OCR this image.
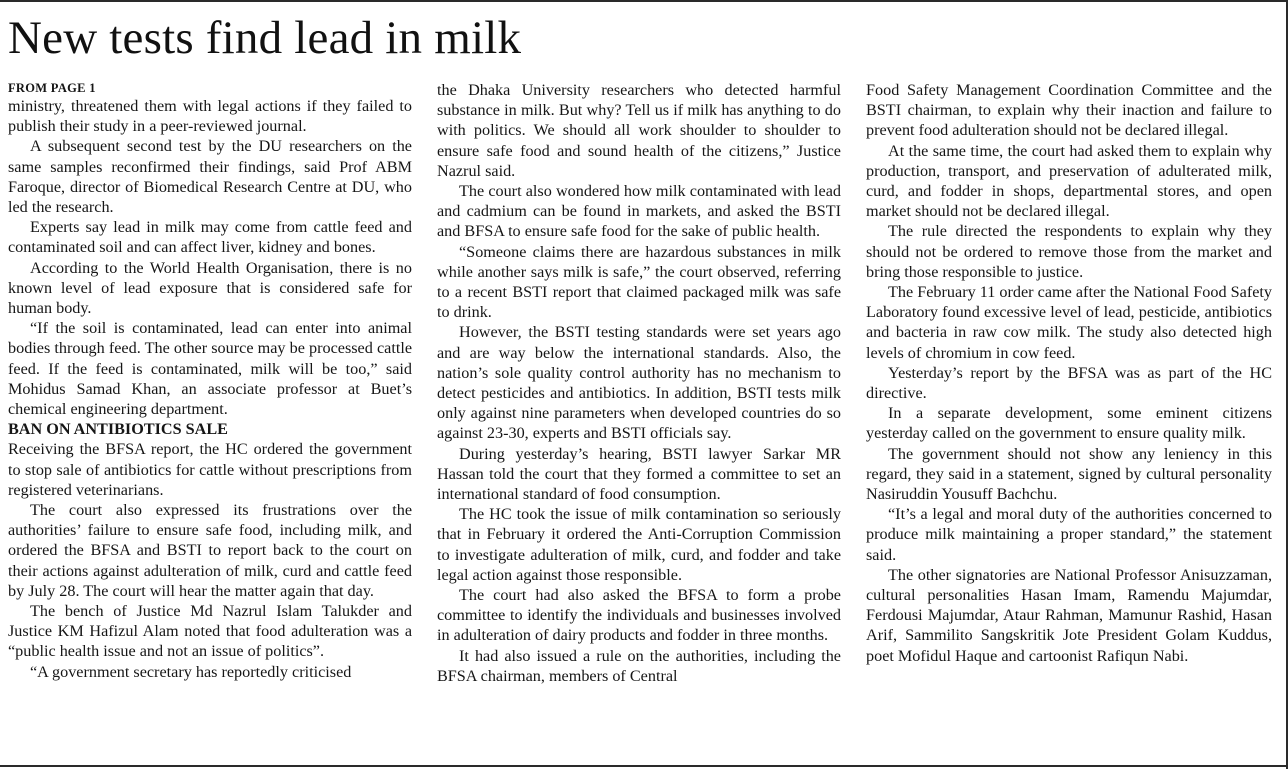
New tests find lead in milk
FROM PAGE 1

ministry, threatened them with legal actions if they failed to publish their study in a peer-reviewed journal.

A subsequent second test by the DU researchers on the same samples reconfirmed their findings, said Prof ABM Faroque, director of Biomedical Research Centre at DU, who led the research.

Experts say lead in milk may come from cattle feed and contaminated soil and can affect liver, kidney and bones.

According to the World Health Organisation, there is no known level of lead exposure that is considered safe for human body.

“If the soil is contaminated, lead can enter into animal bodies through feed. The other source may be processed cattle feed. If the feed is contaminated, milk will be too,” said Mohidus Samad Khan, an associate professor at Buet’s chemical engineering department.

BAN ON ANTIBIOTICS SALE

Receiving the BFSA report, the HC ordered the government to stop sale of antibiotics for cattle without prescriptions from registered veterinarians.

The court also expressed its frustrations over the authorities’ failure to ensure safe food, including milk, and ordered the BFSA and BSTI to report back to the court on their actions against adulteration of milk, curd and cattle feed by July 28. The court will hear the matter again that day.

The bench of Justice Md Nazrul Islam Talukder and Justice KM Hafizul Alam noted that food adulteration was a “public health issue and not an issue of politics”.

“A government secretary has reportedly criticised

the Dhaka University researchers who detected harmful substance in milk. But why? Tell us if milk has anything to do with politics. We should all work shoulder to shoulder to ensure safe food and sound health of the citizens,” Justice Nazrul said.

The court also wondered how milk contaminated with lead and cadmium can be found in markets, and asked the BSTI and BFSA to ensure safe food for the sake of public health.

“Someone claims there are hazardous substances in milk while another says milk is safe,” the court observed, referring to a recent BSTI report that claimed packaged milk was safe to drink.

However, the BSTI testing standards were set years ago and are way below the international standards. Also, the nation’s sole quality control authority has no mechanism to detect pesticides and antibiotics. In addition, BSTI tests milk only against nine parameters when developed countries do so against 23-30, experts and BSTI officials say.

During yesterday’s hearing, BSTI lawyer Sarkar MR Hassan told the court that they formed a committee to set an international standard of food consumption.

The HC took the issue of milk contamination so seriously that in February it ordered the Anti-Corruption Commission to investigate adulteration of milk, curd, and fodder and take legal action against those responsible.

The court had also asked the BFSA to form a probe committee to identify the individuals and businesses involved in adulteration of dairy products and fodder in three months.

It had also issued a rule on the authorities, including the BFSA chairman, members of Central

Food Safety Management Coordination Committee and the BSTI chairman, to explain why their inaction and failure to prevent food adulteration should not be declared illegal.

At the same time, the court had asked them to explain why production, transport, and preservation of adulterated milk, curd, and fodder in shops, departmental stores, and open market should not be declared illegal.

The rule directed the respondents to explain why they should not be ordered to remove those from the market and bring those responsible to justice.

The February 11 order came after the National Food Safety Laboratory found excessive level of lead, pesticide, antibiotics and bacteria in raw cow milk. The study also detected high levels of chromium in cow feed.

Yesterday’s report by the BFSA was as part of the HC directive.

In a separate development, some eminent citizens yesterday called on the government to ensure quality milk.

The government should not show any leniency in this regard, they said in a statement, signed by cultural personality Nasiruddin Yousuff Bachchu.

“It’s a legal and moral duty of the authorities concerned to produce milk maintaining a proper standard,” the statement said.

The other signatories are National Professor Anisuzzaman, cultural personalities Hasan Imam, Ramendu Majumdar, Ferdousi Majumdar, Ataur Rahman, Mamunur Rashid, Hasan Arif, Sammilito Sangskritik Jote President Golam Kuddus, poet Mofidul Haque and cartoonist Rafiqun Nabi.
